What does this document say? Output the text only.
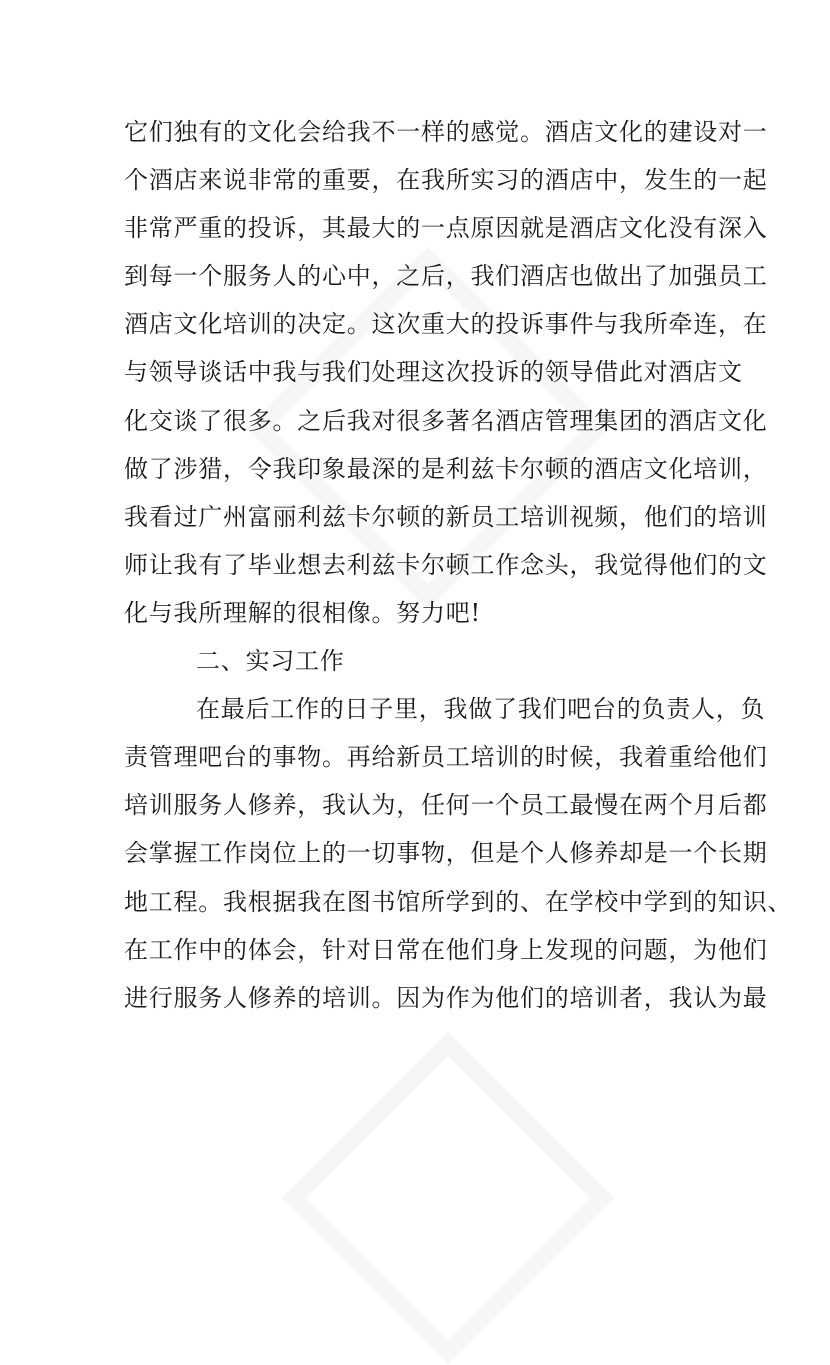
它们独有的文化会给我不一样的感觉。酒店文化的建设对一
个酒店来说非常的重要，在我所实习的酒店中，发生的一起
非常严重的投诉，其最大的一点原因就是酒店文化没有深入
到每一个服务人的心中，之后，我们酒店也做出了加强员工
酒店文化培训的决定。这次重大的投诉事件与我所牵连，在
与领导谈话中我与我们处理这次投诉的领导借此对酒店文
化交谈了很多。之后我对很多著名酒店管理集团的酒店文化
做了涉猎，令我印象最深的是利兹卡尔顿的酒店文化培训，
我看过广州富丽利兹卡尔顿的新员工培训视频，他们的培训
师让我有了毕业想去利兹卡尔顿工作念头，我觉得他们的文
化与我所理解的很相像。努力吧!
二、实习工作
在最后工作的日子里，我做了我们吧台的负责人，负
责管理吧台的事物。再给新员工培训的时候，我着重给他们
培训服务人修养，我认为，任何一个员工最慢在两个月后都
会掌握工作岗位上的一切事物，但是个人修养却是一个长期
地工程。我根据我在图书馆所学到的、在学校中学到的知识、
在工作中的体会，针对日常在他们身上发现的问题，为他们
进行服务人修养的培训。因为作为他们的培训者，我认为最
